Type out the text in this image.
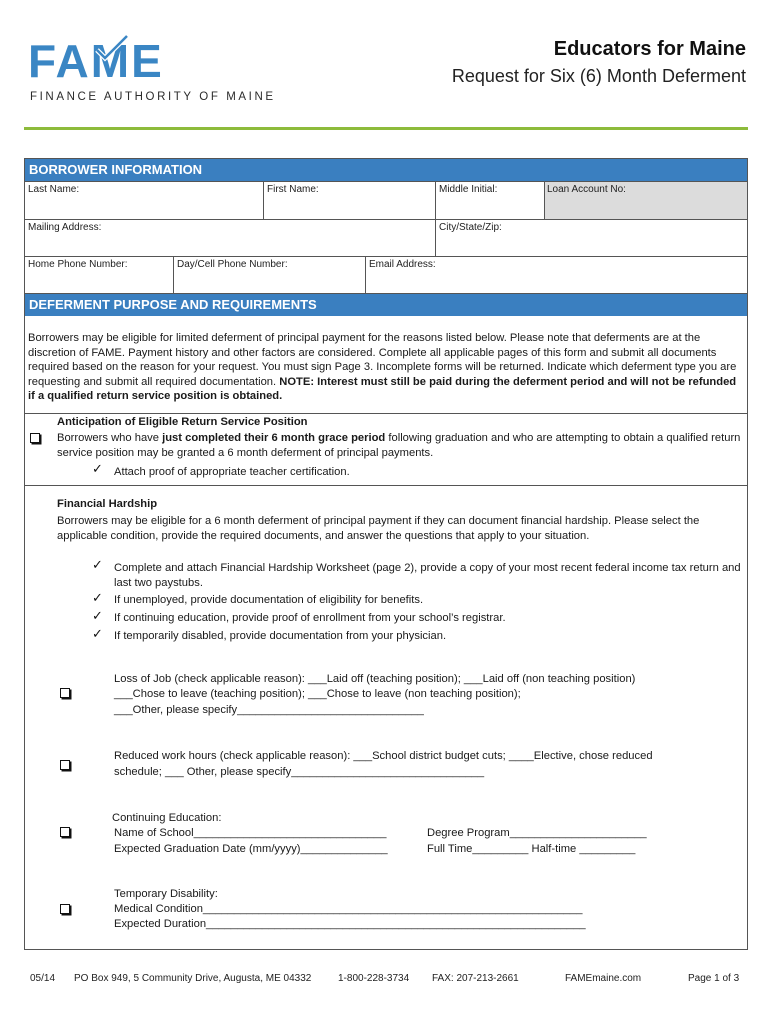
FAME
FINANCE AUTHORITY OF MAINE
Educators for Maine
Request for Six (6) Month Deferment
BORROWER INFORMATION
Last Name:	First Name:	Middle Initial:	Loan Account No:
Mailing Address:	City/State/Zip:
Home Phone Number:	Day/Cell Phone Number:	Email Address:
DEFERMENT PURPOSE AND REQUIREMENTS
Borrowers may be eligible for limited deferment of principal payment for the reasons listed below. Please note that deferments are at the discretion of FAME. Payment history and other factors are considered. Complete all applicable pages of this form and submit all documents required based on the reason for your request. You must sign Page 3. Incomplete forms will be returned. Indicate which deferment type you are requesting and submit all required documentation. NOTE: Interest must still be paid during the deferment period and will not be refunded if a qualified return service position is obtained.
Anticipation of Eligible Return Service Position
Borrowers who have just completed their 6 month grace period following graduation and who are attempting to obtain a qualified return service position may be granted a 6 month deferment of principal payments.
✓ Attach proof of appropriate teacher certification.
Financial Hardship
Borrowers may be eligible for a 6 month deferment of principal payment if they can document financial hardship. Please select the applicable condition, provide the required documents, and answer the questions that apply to your situation.
✓ Complete and attach Financial Hardship Worksheet (page 2), provide a copy of your most recent federal income tax return and last two paystubs.
✓ If unemployed, provide documentation of eligibility for benefits.
✓ If continuing education, provide proof of enrollment from your school’s registrar.
✓ If temporarily disabled, provide documentation from your physician.
Loss of Job (check applicable reason): ___Laid off (teaching position); ___Laid off (non teaching position)
___Chose to leave (teaching position); ___Chose to leave (non teaching position);
___Other, please specify______________________________
Reduced work hours (check applicable reason): ___School district budget cuts; ____Elective, chose reduced
schedule; ___ Other, please specify_______________________________
Continuing Education:
Name of School_______________________________	Degree Program______________________
Expected Graduation Date (mm/yyyy)______________	Full Time_________ Half-time _________
Temporary Disability:
Medical Condition_____________________________________________________________
Expected Duration_____________________________________________________________
05/14 PO Box 949, 5 Community Drive, Augusta, ME 04332	1-800-228-3734 FAX: 207-213-2661	FAMEmaine.com	Page 1 of 3
